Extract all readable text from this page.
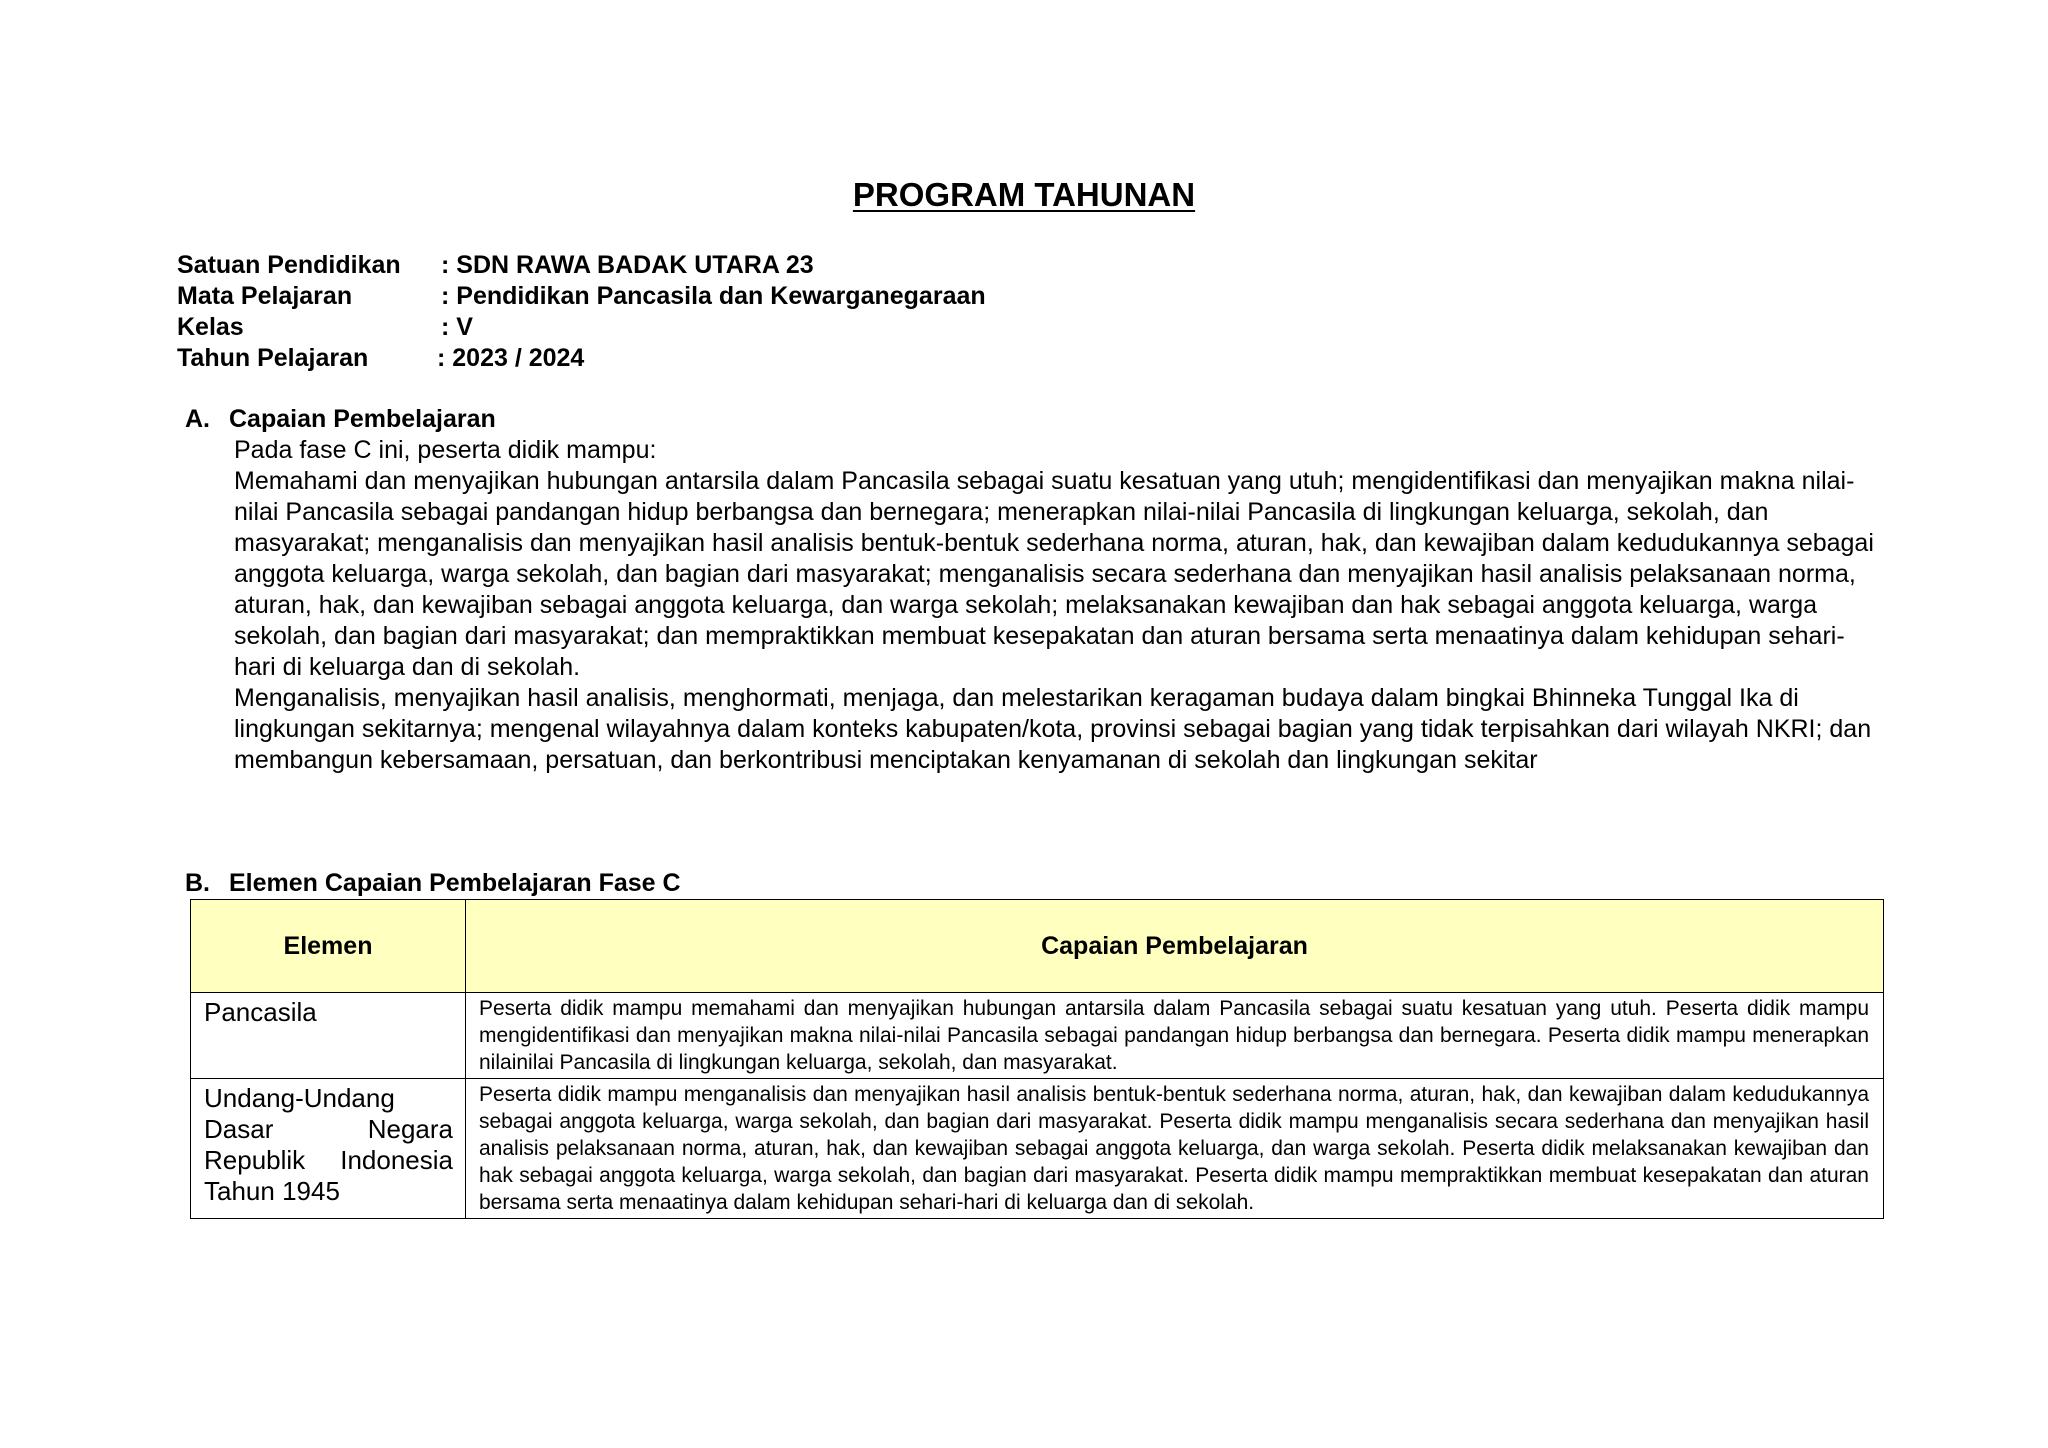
PROGRAM TAHUNAN
Satuan Pendidikan	: SDN RAWA BADAK UTARA 23
Mata Pelajaran	: Pendidikan Pancasila dan Kewarganegaraan
Kelas	: V
Tahun Pelajaran	: 2023 / 2024
A. Capaian Pembelajaran

Pada fase C ini, peserta didik mampu:

Memahami dan menyajikan hubungan antarsila dalam Pancasila sebagai suatu kesatuan yang utuh; mengidentifikasi dan menyajikan makna nilai-nilai Pancasila sebagai pandangan hidup berbangsa dan bernegara; menerapkan nilai-nilai Pancasila di lingkungan keluarga, sekolah, dan masyarakat; menganalisis dan menyajikan hasil analisis bentuk-bentuk sederhana norma, aturan, hak, dan kewajiban dalam kedudukannya sebagai anggota keluarga, warga sekolah, dan bagian dari masyarakat; menganalisis secara sederhana dan menyajikan hasil analisis pelaksanaan norma, aturan, hak, dan kewajiban sebagai anggota keluarga, dan warga sekolah; melaksanakan kewajiban dan hak sebagai anggota keluarga, warga sekolah, dan bagian dari masyarakat; dan mempraktikkan membuat kesepakatan dan aturan bersama serta menaatinya dalam kehidupan sehari-hari di keluarga dan di sekolah.

Menganalisis, menyajikan hasil analisis, menghormati, menjaga, dan melestarikan keragaman budaya dalam bingkai Bhinneka Tunggal Ika di lingkungan sekitarnya; mengenal wilayahnya dalam konteks kabupaten/kota, provinsi sebagai bagian yang tidak terpisahkan dari wilayah NKRI; dan membangun kebersamaan, persatuan, dan berkontribusi menciptakan kenyamanan di sekolah dan lingkungan sekitar

B. Elemen Capaian Pembelajaran Fase C
Elemen	Capaian Pembelajaran
Pancasila	Peserta didik mampu memahami dan menyajikan hubungan antarsila dalam Pancasila sebagai suatu kesatuan yang utuh. Peserta didik mampu mengidentifikasi dan menyajikan makna nilai-nilai Pancasila sebagai pandangan hidup berbangsa dan bernegara. Peserta didik mampu menerapkan nilainilai Pancasila di lingkungan keluarga, sekolah, dan masyarakat.
Undang-Undang Dasar Negara Republik Indonesia Tahun 1945	Peserta didik mampu menganalisis dan menyajikan hasil analisis bentuk-bentuk sederhana norma, aturan, hak, dan kewajiban dalam kedudukannya sebagai anggota keluarga, warga sekolah, dan bagian dari masyarakat. Peserta didik mampu menganalisis secara sederhana dan menyajikan hasil analisis pelaksanaan norma, aturan, hak, dan kewajiban sebagai anggota keluarga, dan warga sekolah. Peserta didik melaksanakan kewajiban dan hak sebagai anggota keluarga, warga sekolah, dan bagian dari masyarakat. Peserta didik mampu mempraktikkan membuat kesepakatan dan aturan bersama serta menaatinya dalam kehidupan sehari-hari di keluarga dan di sekolah.
